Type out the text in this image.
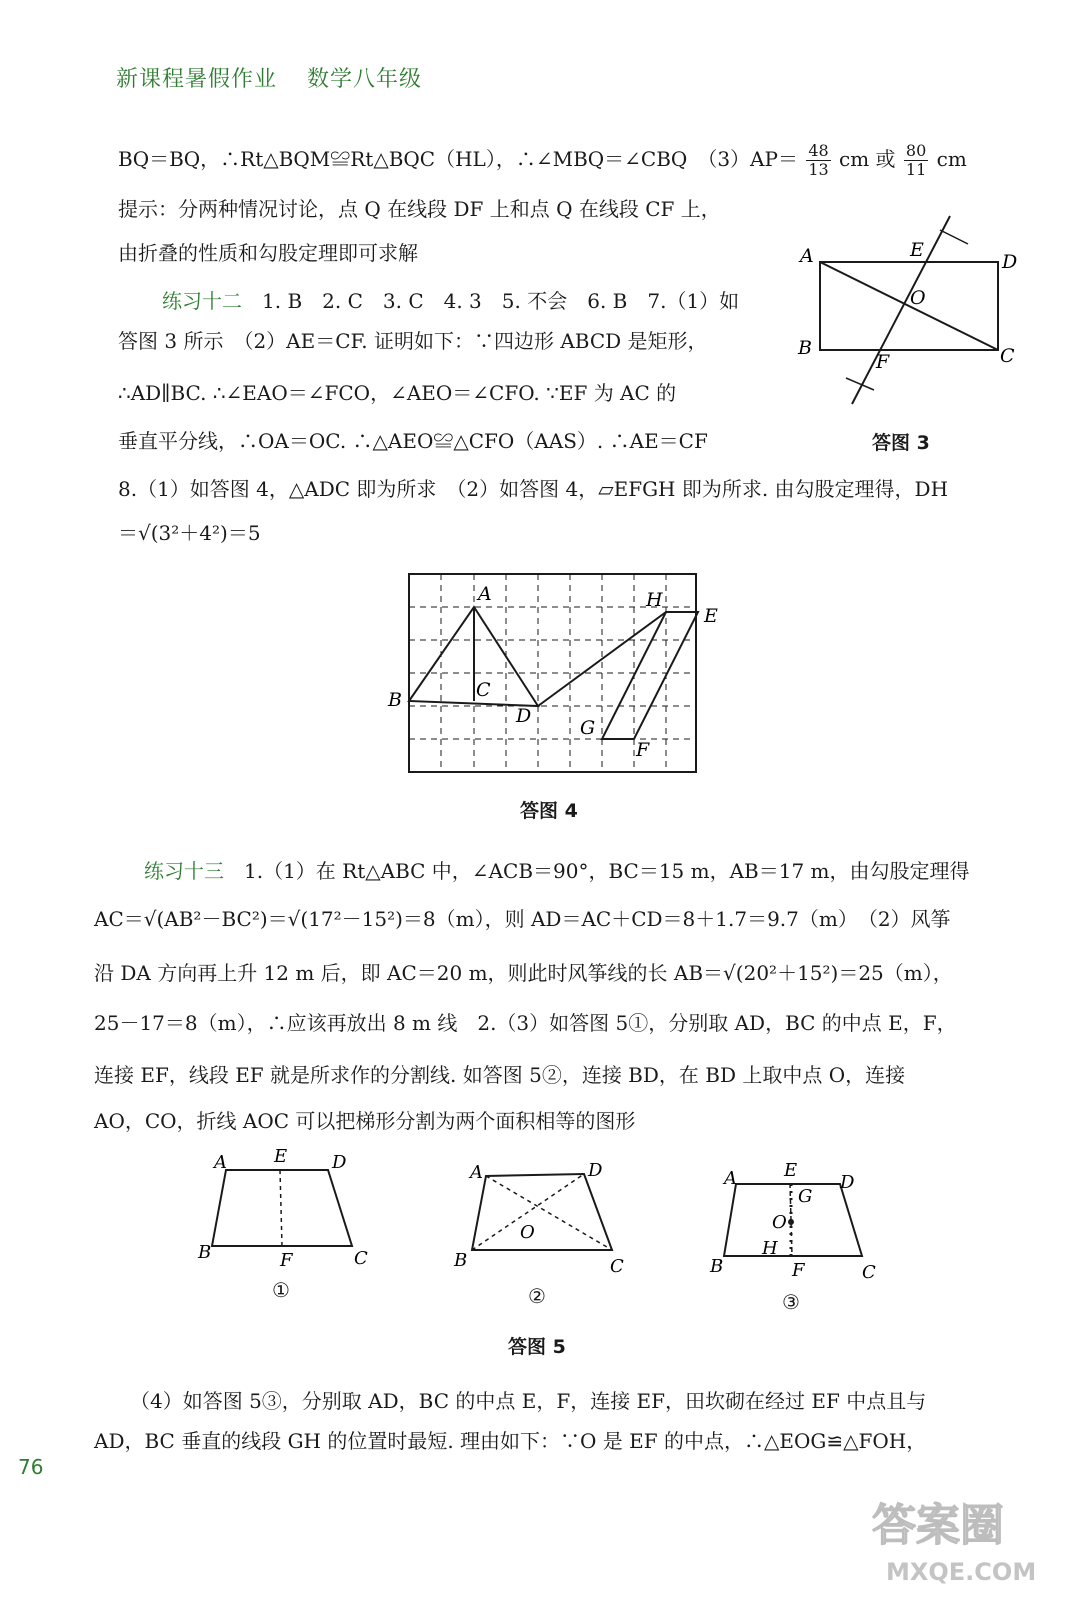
新课程暑假作业 数学八年级
BQ＝BQ，∴Rt△BQM≌Rt△BQC（HL），∴∠MBQ＝∠CBQ　$(3)AP= \frac{48}{13}$ cm 或 $\frac{80}{11}$ cm
提示：分两种情况讨论，点 Q 在线段 DF 上和点 Q 在线段 CF 上，
由折叠的性质和勾股定理即可求解
练习十二　1. B　2. C　3. C　4. 3　5. 不会　6. B　7.（1）如
答图 3 所示　（2）AE＝CF. 证明如下：∵四边形 ABCD 是矩形，
∴AD∥BC. ∴∠EAO＝∠FCO，∠AEO＝∠CFO. ∵EF 为 AC 的
垂直平分线，∴OA＝OC. ∴△AEO≌△CFO（AAS）. ∴AE＝CF
8.（1）如答图 4，△ADC 即为所求　（2）如答图 4，▱EFGH 即为所求. 由勾股定理得，DH
＝√(3²＋4²)＝5
A	D
B	C
E
O
F
答图 3
A
B	C
D
H
E
G
F
答图 4
练习十三　1.（1）在 Rt△ABC 中，∠ACB＝90°，BC＝15 m，AB＝17 m，由勾股定理得
AC＝√(AB²－BC²)＝√(17²－15²)＝8（m），则 AD＝AC＋CD＝8＋1.7＝9.7（m）　（2）风筝
沿 DA 方向再上升 12 m 后，即 AC＝20 m，则此时风筝线的长 AB＝√(20²＋15²)＝25（m），
25－17＝8（m），∴应该再放出 8 m 线　2.（3）如答图 5①，分别取 AD，BC 的中点 E，F，
连接 EF，线段 EF 就是所求作的分割线. 如答图 5②，连接 BD，在 BD 上取中点 O，连接
AO，CO，折线 AOC 可以把梯形分割为两个面积相等的图形
A	E D
B	F	C
①
A	D
O
B	C
②
A	E
G
D
O
H
B	F	C
③
答图 5
（4）如答图 5③，分别取 AD，BC 的中点 E，F，连接 EF，田坎砌在经过 EF 中点且与
AD，BC 垂直的线段 GH 的位置时最短. 理由如下：∵O 是 EF 的中点，∴△EOG≌△FOH，
76
答案圈
MXQE.COM
